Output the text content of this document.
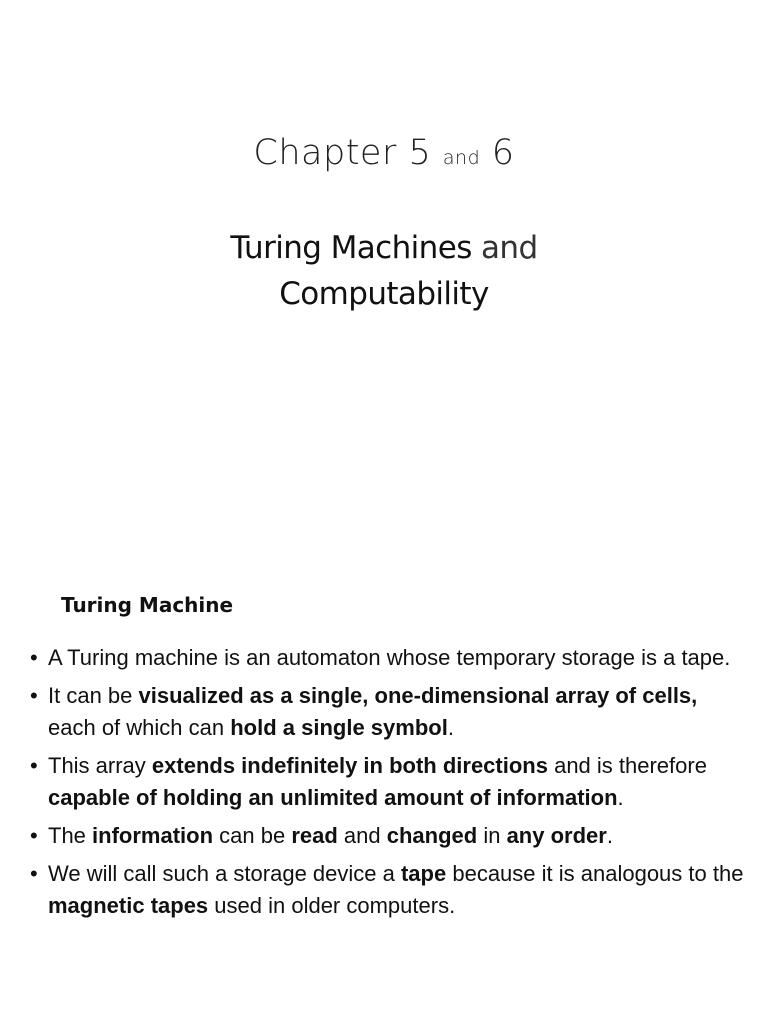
Chapter 5 and 6
Turing Machines and
Computability
Turing Machine
• A Turing machine is an automaton whose temporary storage is a tape.
• It can be visualized as a single, one-dimensional array of cells, each of which can hold a single symbol.
• This array extends indefinitely in both directions and is therefore capable of holding an unlimited amount of information.
• The information can be read and changed in any order.
• We will call such a storage device a tape because it is analogous to the magnetic tapes used in older computers.
